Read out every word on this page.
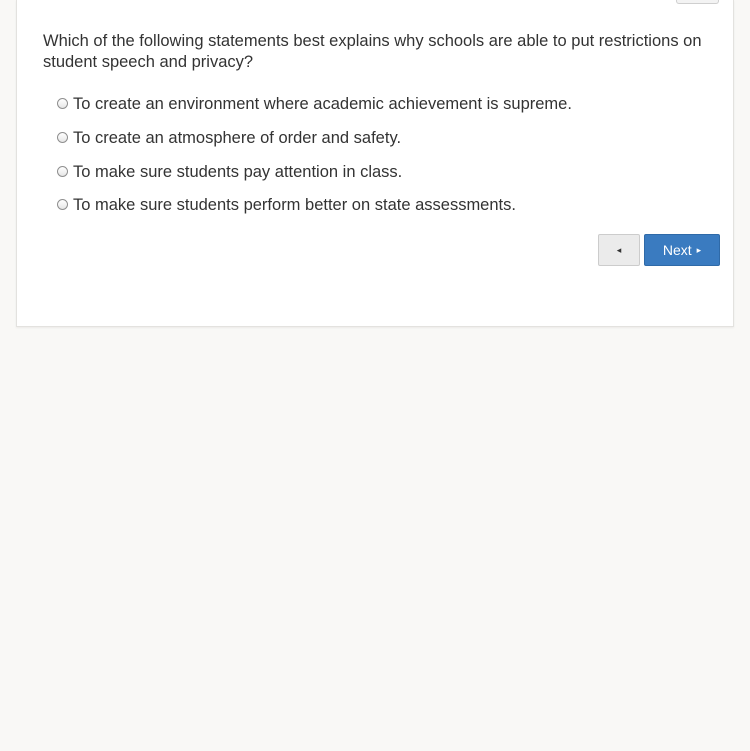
Which of the following statements best explains why schools are able to put restrictions on student speech and privacy?

To create an environment where academic achievement is supreme.
To create an atmosphere of order and safety.
To make sure students pay attention in class.
To make sure students perform better on state assessments.
◂	Next ▸
